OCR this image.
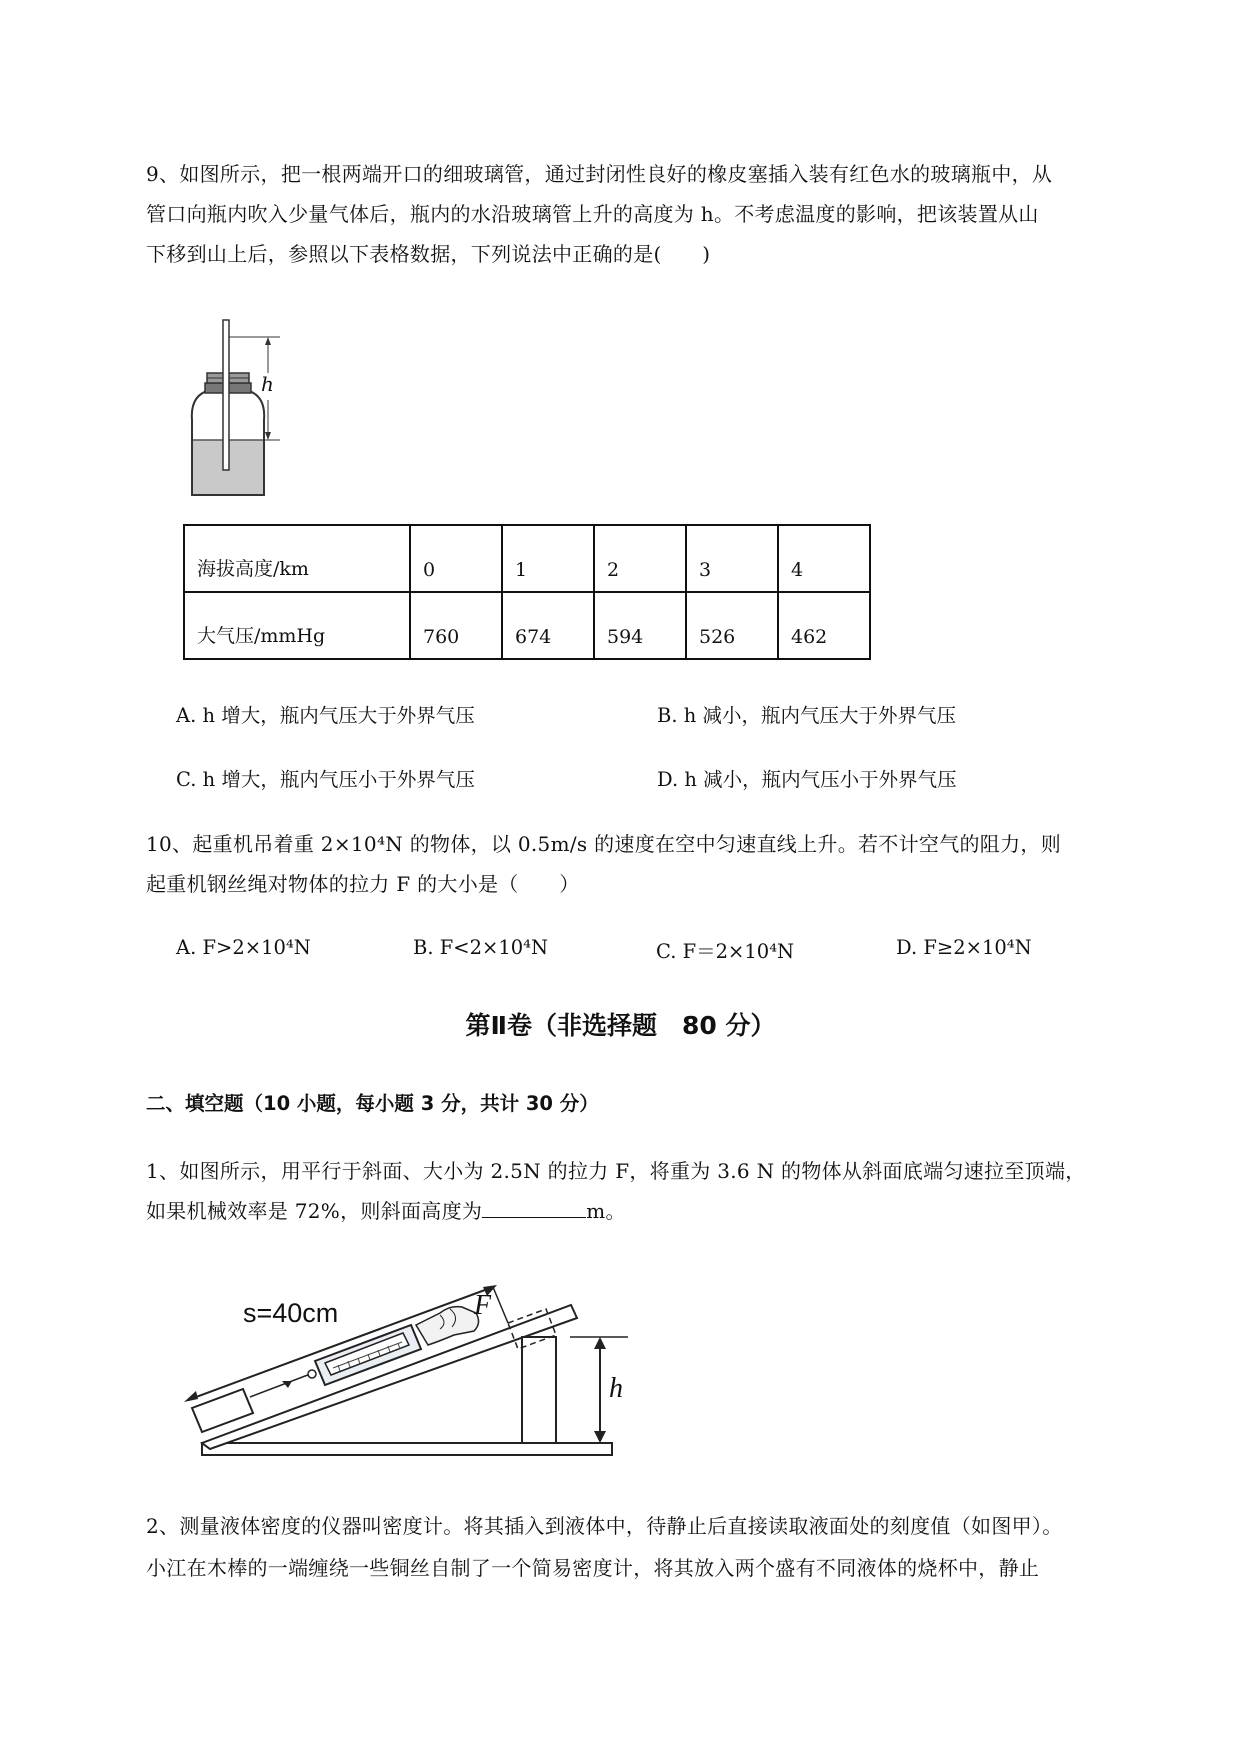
9、如图所示，把一根两端开口的细玻璃管，通过封闭性良好的橡皮塞插入装有红色水的玻璃瓶中，从
管口向瓶内吹入少量气体后，瓶内的水沿玻璃管上升的高度为 h。不考虑温度的影响，把该装置从山
下移到山上后，参照以下表格数据，下列说法中正确的是(　　)
h
海拔高度/km	0	1	2	3	4
大气压/mmHg	760	674	594	526	462
A. h 增大，瓶内气压大于外界气压	B. h 减小，瓶内气压大于外界气压
C. h 增大，瓶内气压小于外界气压	D. h 减小，瓶内气压小于外界气压
10、起重机吊着重 2×10⁴N 的物体，以 0.5m/s 的速度在空中匀速直线上升。若不计空气的阻力，则
起重机钢丝绳对物体的拉力 F 的大小是（　　）
A. F>2×10⁴N	B. F<2×10⁴N	C. F＝2×10⁴N	D. F≥2×10⁴N
第Ⅱ卷（非选择题　80 分）
二、填空题（10 小题，每小题 3 分，共计 30 分）
1、如图所示，用平行于斜面、大小为 2.5N 的拉力 F，将重为 3.6 N 的物体从斜面底端匀速拉至顶端，
如果机械效率是 72%，则斜面高度为	m。
s=40cm	F
h
2、测量液体密度的仪器叫密度计。将其插入到液体中，待静止后直接读取液面处的刻度值（如图甲）。
小江在木棒的一端缠绕一些铜丝自制了一个简易密度计，将其放入两个盛有不同液体的烧杯中，静止
